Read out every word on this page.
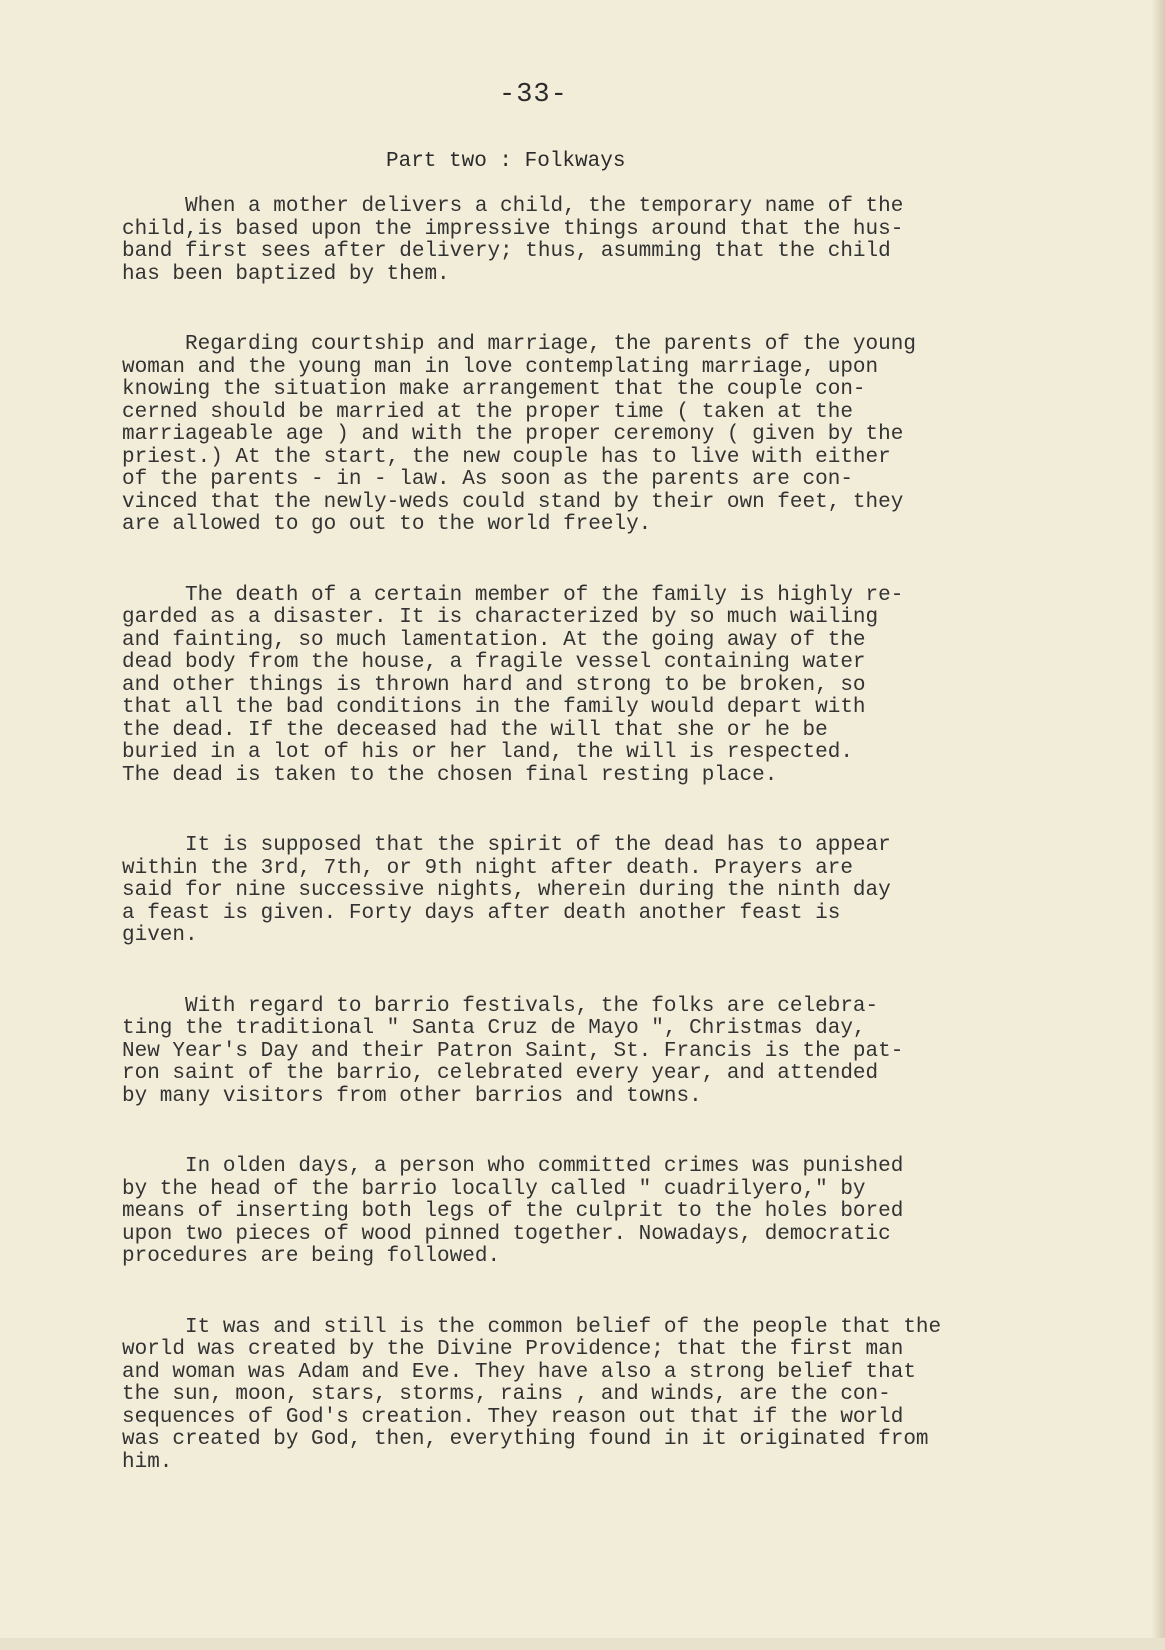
-33-
Part two : Folkways

When a mother delivers a child, the temporary name of the
child,is based upon the impressive things around that the hus-
band first sees after delivery; thus, asumming that the child
has been baptized by them.

Regarding courtship and marriage, the parents of the young
woman and the young man in love contemplating marriage, upon
knowing the situation make arrangement that the couple con-
cerned should be married at the proper time ( taken at the
marriageable age ) and with the proper ceremony ( given by the
priest.) At the start, the new couple has to live with either
of the parents - in - law. As soon as the parents are con-
vinced that the newly-weds could stand by their own feet, they
are allowed to go out to the world freely.

The death of a certain member of the family is highly re-
garded as a disaster. It is characterized by so much wailing
and fainting, so much lamentation. At the going away of the
dead body from the house, a fragile vessel containing water
and other things is thrown hard and strong to be broken, so
that all the bad conditions in the family would depart with
the dead. If the deceased had the will that she or he be
buried in a lot of his or her land, the will is respected.
The dead is taken to the chosen final resting place.

It is supposed that the spirit of the dead has to appear
within the 3rd, 7th, or 9th night after death. Prayers are
said for nine successive nights, wherein during the ninth day
a feast is given. Forty days after death another feast is
given.

With regard to barrio festivals, the folks are celebra-
ting the traditional " Santa Cruz de Mayo ", Christmas day,
New Year's Day and their Patron Saint, St. Francis is the pat-
ron saint of the barrio, celebrated every year, and attended
by many visitors from other barrios and towns.

In olden days, a person who committed crimes was punished
by the head of the barrio locally called " cuadrilyero," by
means of inserting both legs of the culprit to the holes bored
upon two pieces of wood pinned together. Nowadays, democratic
procedures are being followed.

It was and still is the common belief of the people that the
world was created by the Divine Providence; that the first man
and woman was Adam and Eve. They have also a strong belief that
the sun, moon, stars, storms, rains , and winds, are the con-
sequences of God's creation. They reason out that if the world
was created by God, then, everything found in it originated from
him.
